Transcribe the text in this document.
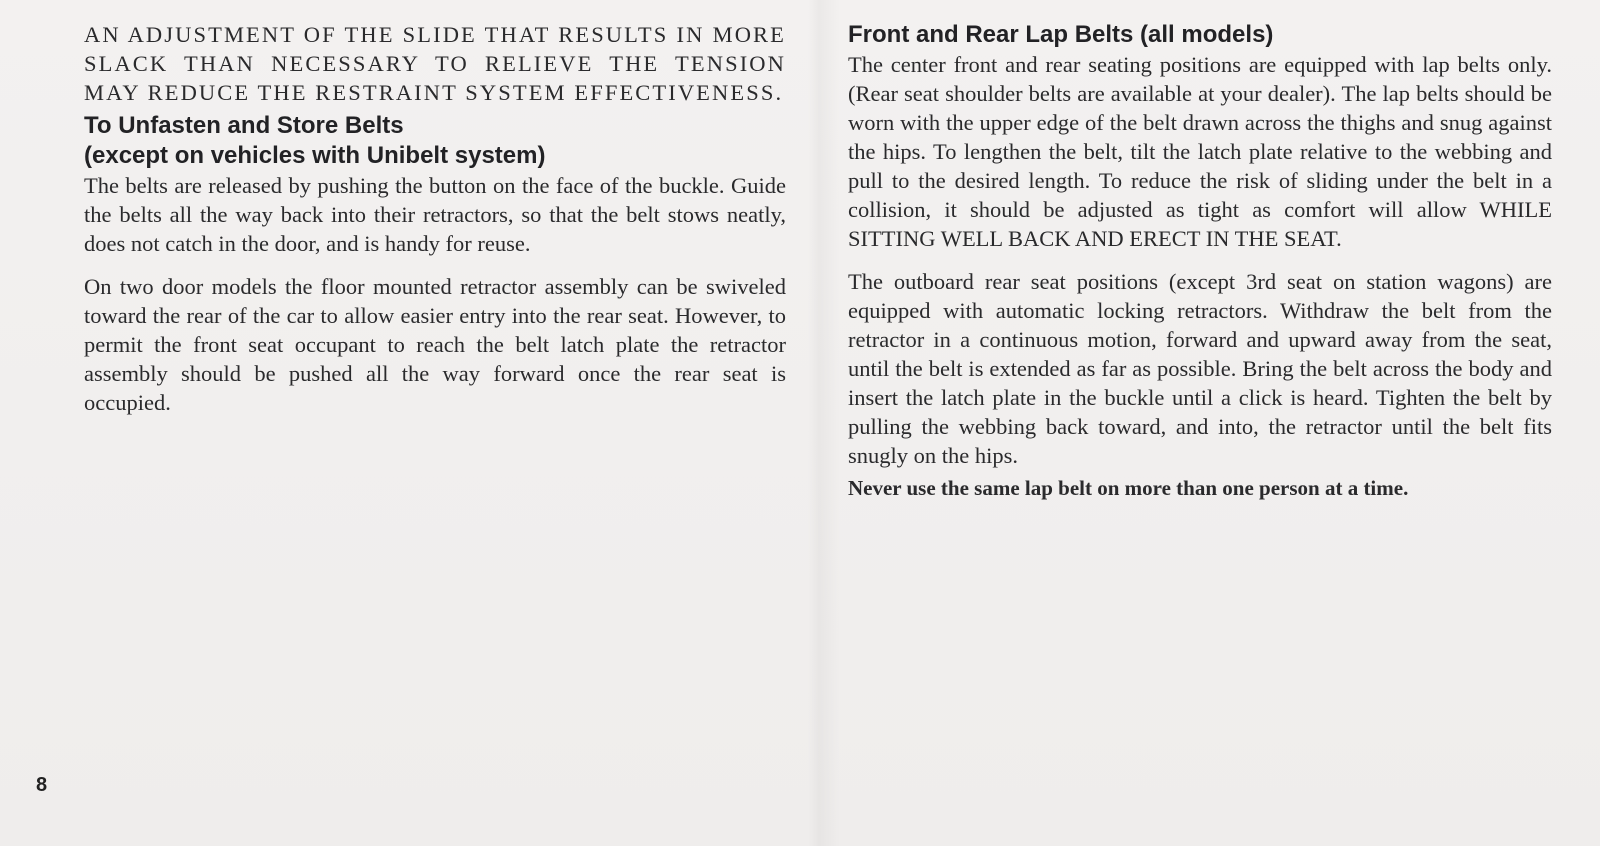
AN ADJUSTMENT OF THE SLIDE THAT RESULTS IN MORE SLACK THAN NECESSARY TO RELIEVE THE TENSION MAY REDUCE THE RESTRAINT SYSTEM EFFECTIVENESS.

To Unfasten and Store Belts
(except on vehicles with Unibelt system)

The belts are released by pushing the button on the face of the buckle. Guide the belts all the way back into their retractors, so that the belt stows neatly, does not catch in the door, and is handy for reuse.

On two door models the floor mounted retractor assembly can be swiveled toward the rear of the car to allow easier entry into the rear seat. However, to permit the front seat occupant to reach the belt latch plate the retractor assembly should be pushed all the way forward once the rear seat is occupied.

Front and Rear Lap Belts (all models)

The center front and rear seating positions are equipped with lap belts only. (Rear seat shoulder belts are available at your dealer). The lap belts should be worn with the upper edge of the belt drawn across the thighs and snug against the hips. To lengthen the belt, tilt the latch plate relative to the webbing and pull to the desired length. To reduce the risk of sliding under the belt in a collision, it should be adjusted as tight as comfort will allow WHILE SITTING WELL BACK AND ERECT IN THE SEAT.

The outboard rear seat positions (except 3rd seat on station wagons) are equipped with automatic locking retractors. Withdraw the belt from the retractor in a continuous motion, forward and upward away from the seat, until the belt is extended as far as possible. Bring the belt across the body and insert the latch plate in the buckle until a click is heard. Tighten the belt by pulling the webbing back toward, and into, the retractor until the belt fits snugly on the hips.

Never use the same lap belt on more than one person at a time.

8
